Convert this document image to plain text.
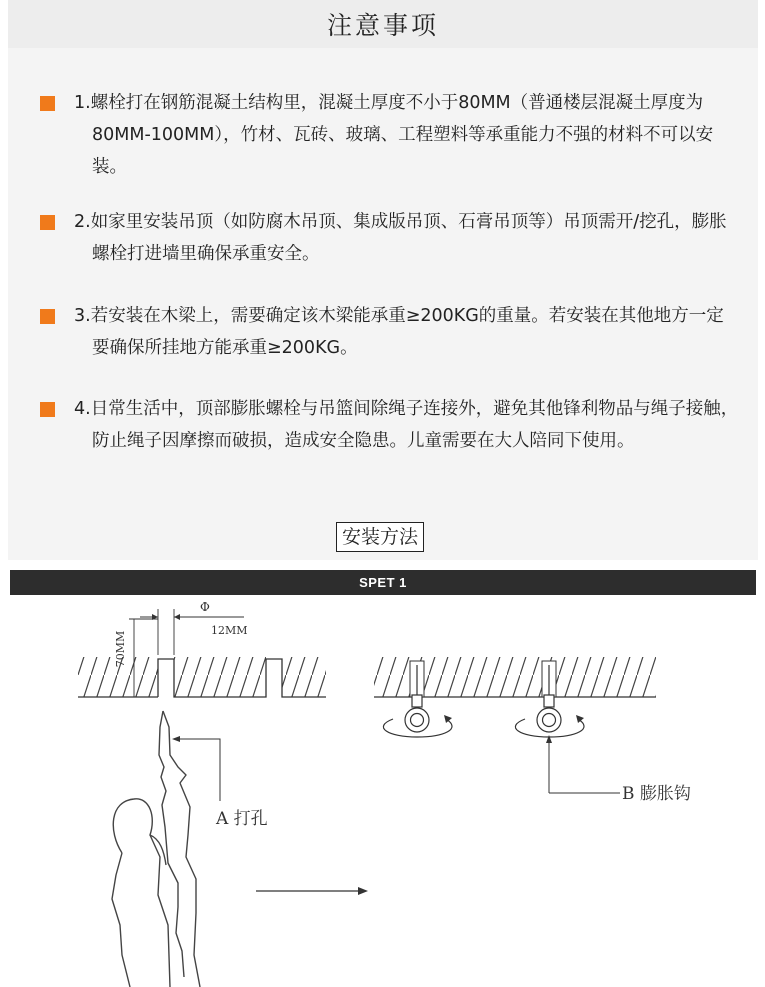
注意事项
1.螺栓打在钢筋混凝土结构里，混凝土厚度不小于80MM（普通楼层混凝土厚度为80MM-100MM），竹材、瓦砖、玻璃、工程塑料等承重能力不强的材料不可以安装。
2.如家里安装吊顶（如防腐木吊顶、集成版吊顶、石膏吊顶等）吊顶需开/挖孔，膨胀螺栓打进墙里确保承重安全。
3.若安装在木梁上，需要确定该木梁能承重≥200KG的重量。若安装在其他地方一定要确保所挂地方能承重≥200KG。
4.日常生活中，顶部膨胀螺栓与吊篮间除绳子连接外，避免其他锋利物品与绳子接触，防止绳子因摩擦而破损，造成安全隐患。儿童需要在大人陪同下使用。
安装方法
SPET 1
70MM
Φ
12MM
A 打孔
B 膨胀钩
